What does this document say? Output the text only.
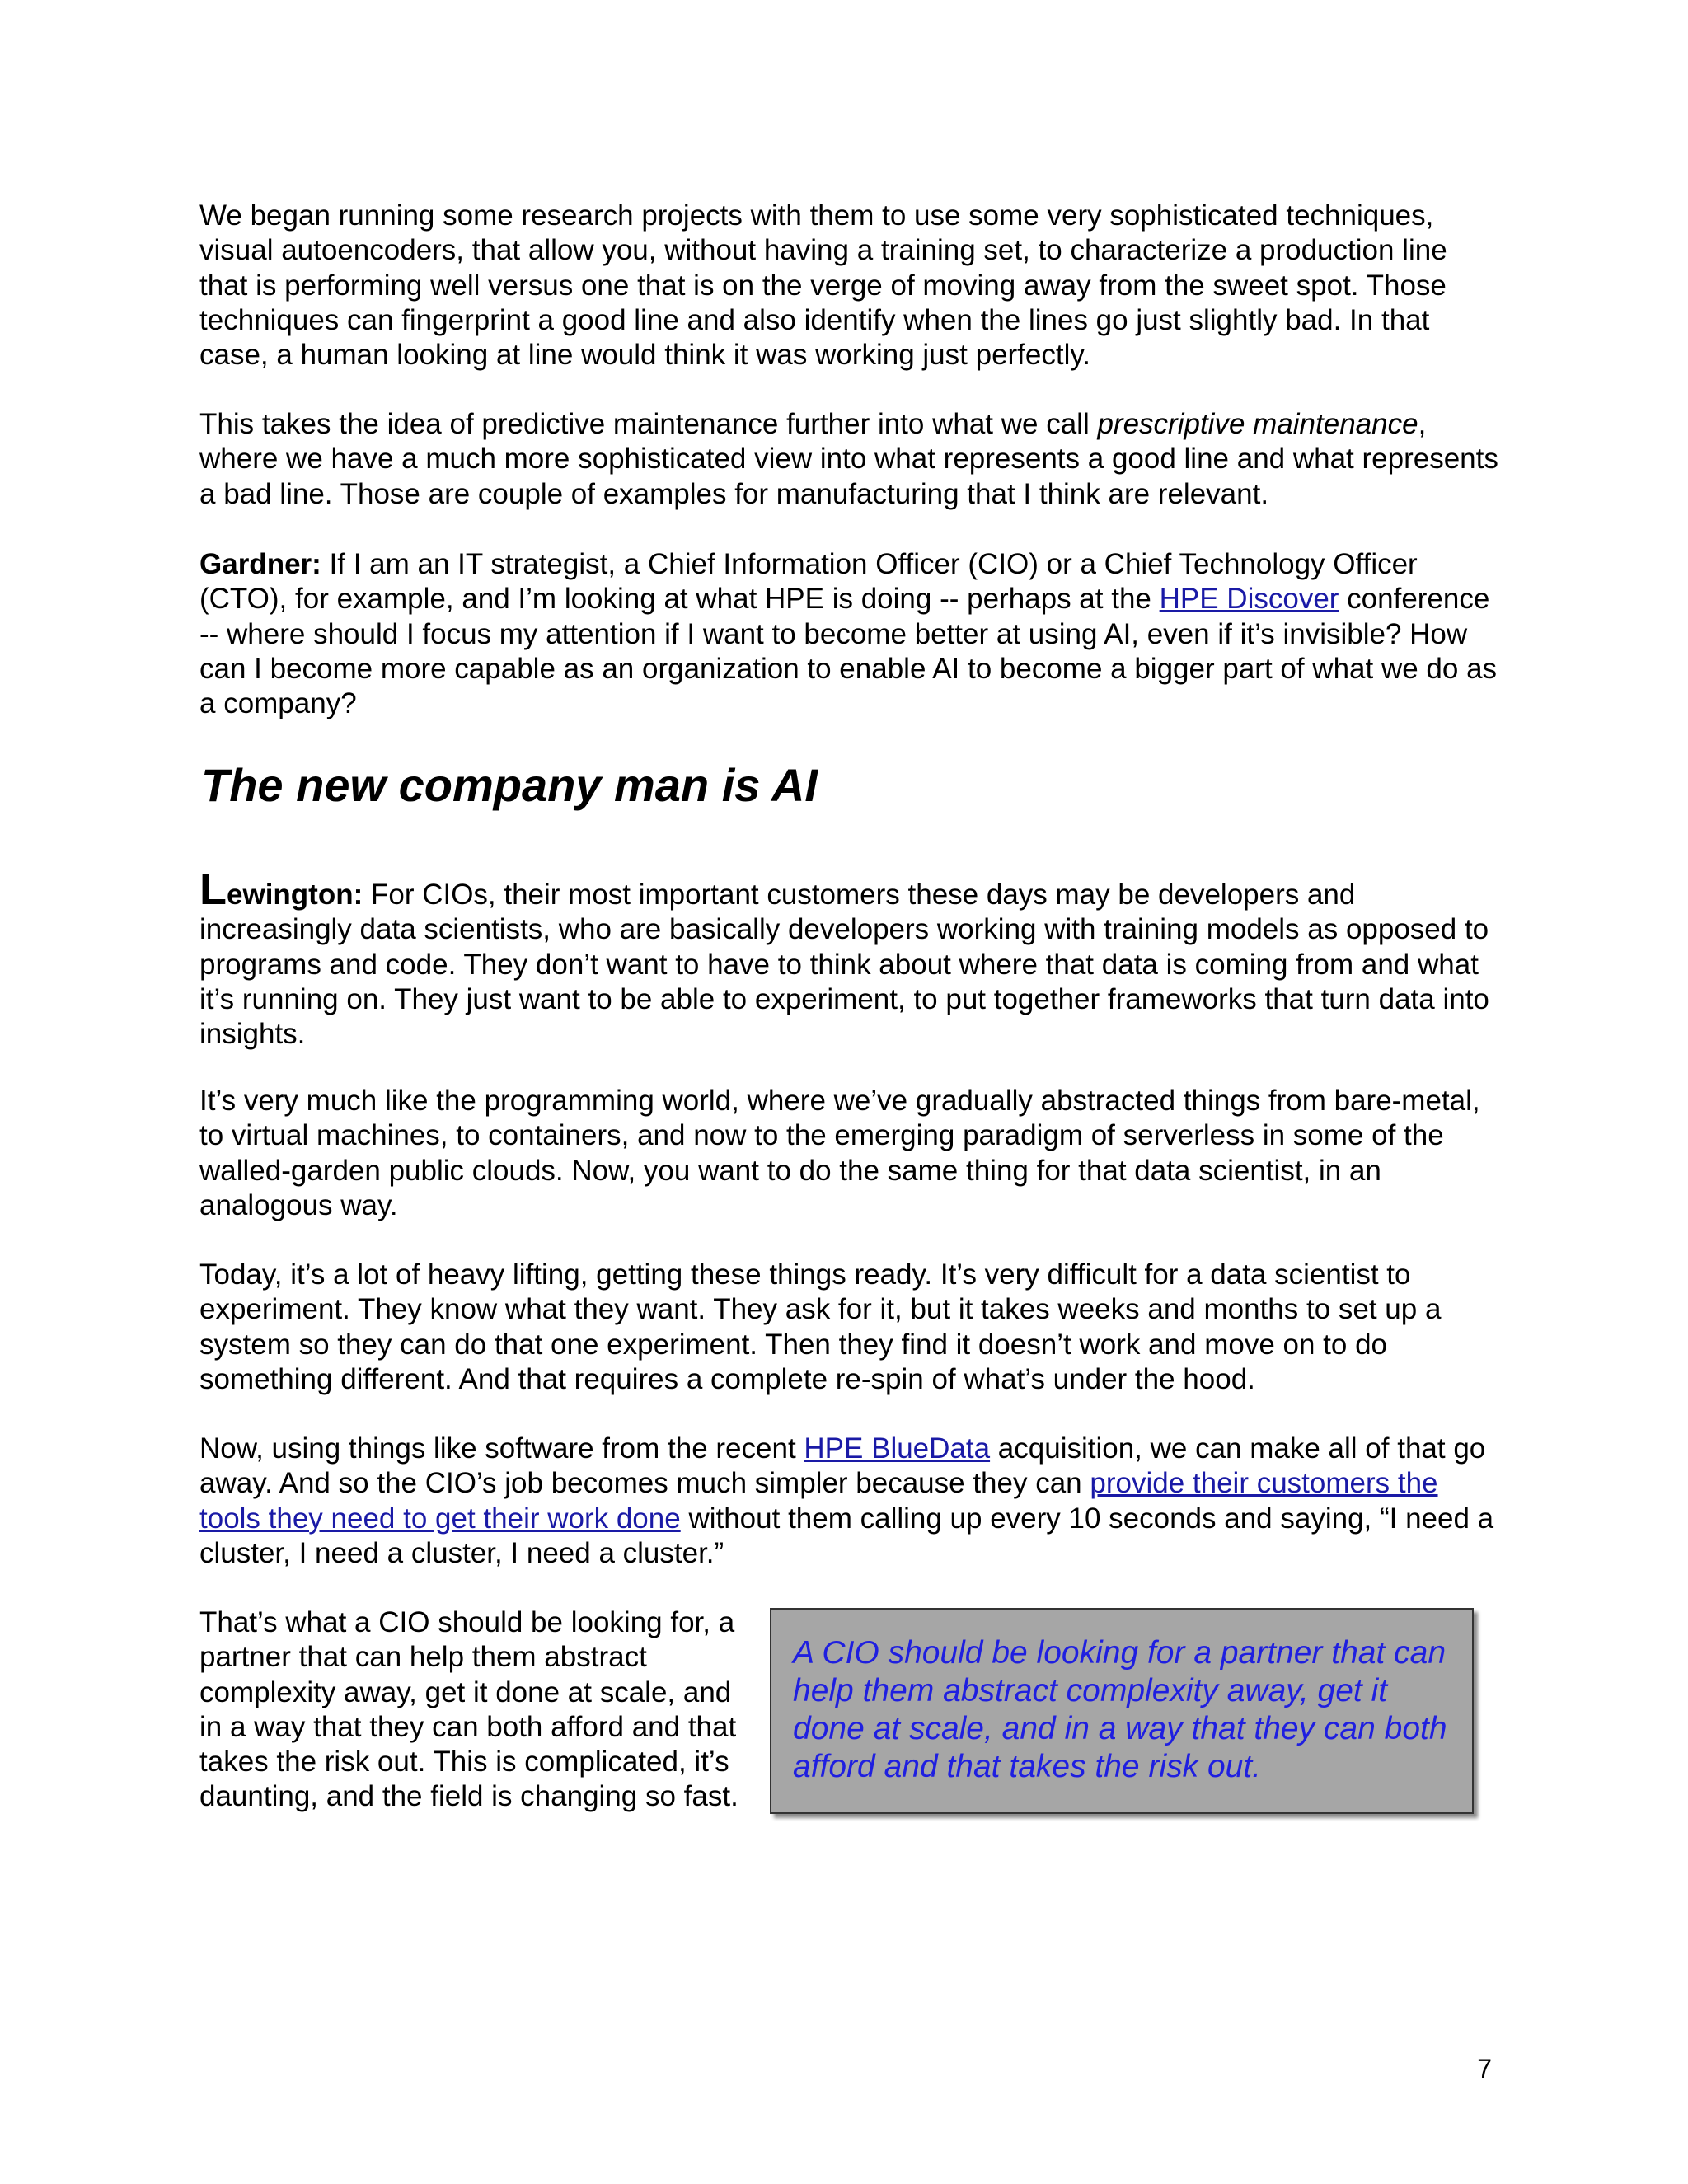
We began running some research projects with them to use some very sophisticated techniques, visual autoencoders, that allow you, without having a training set, to characterize a production line that is performing well versus one that is on the verge of moving away from the sweet spot. Those techniques can fingerprint a good line and also identify when the lines go just slightly bad. In that case, a human looking at line would think it was working just perfectly.

This takes the idea of predictive maintenance further into what we call prescriptive maintenance, where we have a much more sophisticated view into what represents a good line and what represents a bad line. Those are couple of examples for manufacturing that I think are relevant.

Gardner: If I am an IT strategist, a Chief Information Officer (CIO) or a Chief Technology Officer (CTO), for example, and I’m looking at what HPE is doing -- perhaps at the HPE Discover conference -- where should I focus my attention if I want to become better at using AI, even if it’s invisible? How can I become more capable as an organization to enable AI to become a bigger part of what we do as a company?

The new company man is AI

Lewington: For CIOs, their most important customers these days may be developers and increasingly data scientists, who are basically developers working with training models as opposed to programs and code. They don’t want to have to think about where that data is coming from and what it’s running on. They just want to be able to experiment, to put together frameworks that turn data into insights.

It’s very much like the programming world, where we’ve gradually abstracted things from bare-metal, to virtual machines, to containers, and now to the emerging paradigm of serverless in some of the walled-garden public clouds. Now, you want to do the same thing for that data scientist, in an analogous way.

Today, it’s a lot of heavy lifting, getting these things ready. It’s very difficult for a data scientist to experiment. They know what they want. They ask for it, but it takes weeks and months to set up a system so they can do that one experiment. Then they find it doesn’t work and move on to do something different. And that requires a complete re-spin of what’s under the hood.

Now, using things like software from the recent HPE BlueData acquisition, we can make all of that go away. And so the CIO’s job becomes much simpler because they can provide their customers the tools they need to get their work done without them calling up every 10 seconds and saying, “I need a cluster, I need a cluster, I need a cluster.”

That’s what a CIO should be looking for, a partner that can help them abstract complexity away, get it done at scale, and in a way that they can both afford and that takes the risk out. This is complicated, it’s daunting, and the field is changing so fast.

A CIO should be looking for a partner that can help them abstract complexity away, get it done at scale, and in a way that they can both afford and that takes the risk out.

7
